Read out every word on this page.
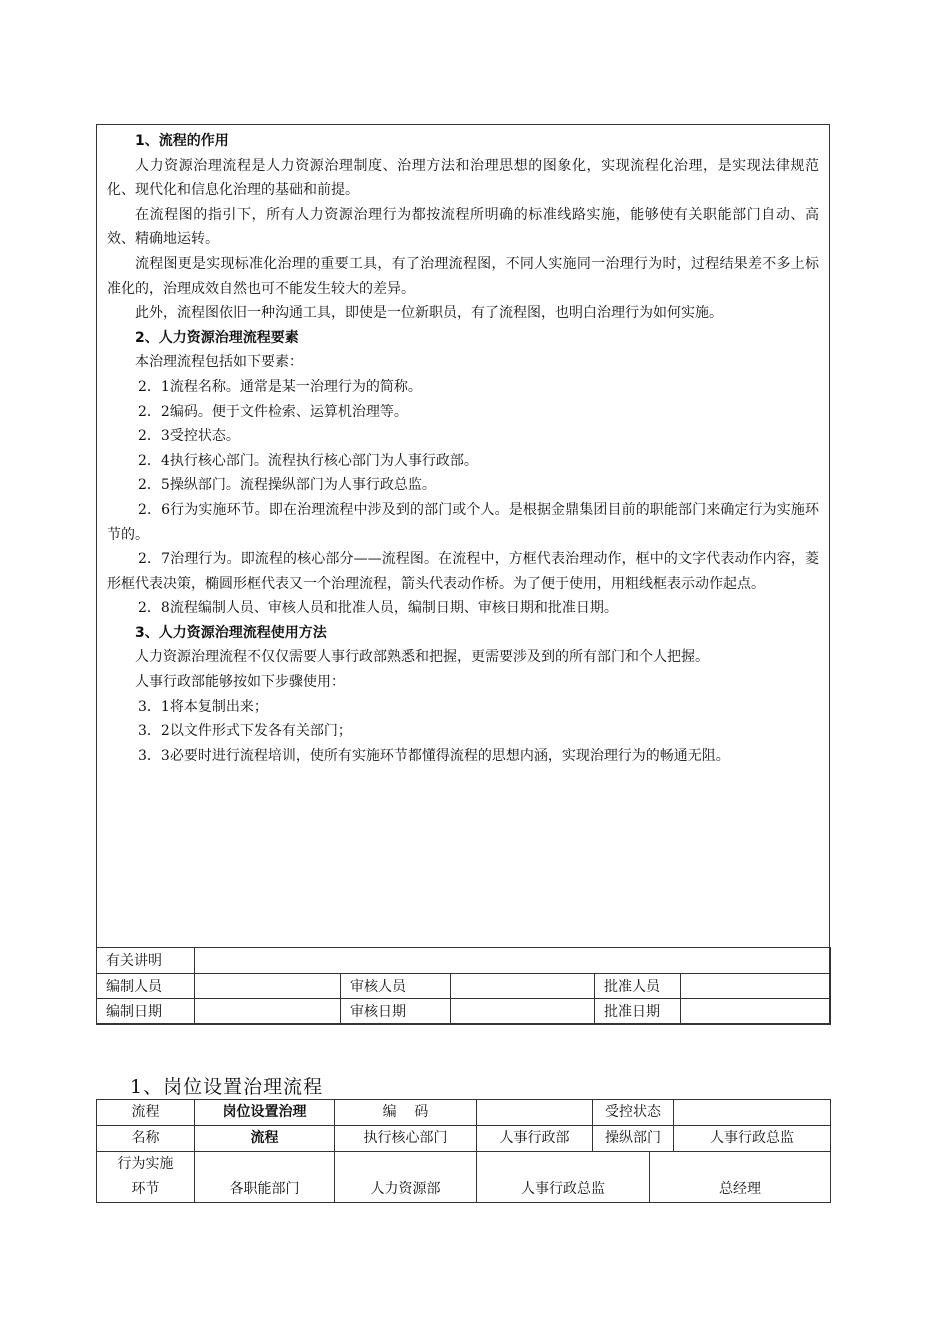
1、流程的作用

人力资源治理流程是人力资源治理制度、治理方法和治理思想的图象化，实现流程化治理，是实现法律规范化、现代化和信息化治理的基础和前提。

在流程图的指引下，所有人力资源治理行为都按流程所明确的标准线路实施，能够使有关职能部门自动、高效、精确地运转。

流程图更是实现标准化治理的重要工具，有了治理流程图，不同人实施同一治理行为时，过程结果差不多上标准化的，治理成效自然也可不能发生较大的差异。

此外，流程图依旧一种沟通工具，即使是一位新职员，有了流程图，也明白治理行为如何实施。

2、人力资源治理流程要素

本治理流程包括如下要素：

2．1流程名称。通常是某一治理行为的简称。

2．2编码。便于文件检索、运算机治理等。

2．3受控状态。

2．4执行核心部门。流程执行核心部门为人事行政部。

2．5操纵部门。流程操纵部门为人事行政总监。

2．6行为实施环节。即在治理流程中涉及到的部门或个人。是根据金鼎集团目前的职能部门来确定行为实施环节的。

2．7治理行为。即流程的核心部分——流程图。在流程中，方框代表治理动作，框中的文字代表动作内容，菱形框代表决策，椭圆形框代表又一个治理流程，箭头代表动作桥。为了便于使用，用粗线框表示动作起点。

2．8流程编制人员、审核人员和批准人员，编制日期、审核日期和批准日期。

3、人力资源治理流程使用方法

人力资源治理流程不仅仅需要人事行政部熟悉和把握，更需要涉及到的所有部门和个人把握。

人事行政部能够按如下步骤使用：

3．1将本复制出来；

3．2以文件形式下发各有关部门；

3．3必要时进行流程培训，使所有实施环节都懂得流程的思想内涵，实现治理行为的畅通无阻。

有关讲明					
编制人员		审核人员		批准人员	
编制日期		审核日期		批准日期	
1、岗位设置治理流程
流程	岗位设置治理	编    码		受控状态		
名称	流程	执行核心部门	人事行政部	操纵部门		人事行政总监

行为实施
环节	各职能部门	人力资源部	人事行政总监		总经理	
